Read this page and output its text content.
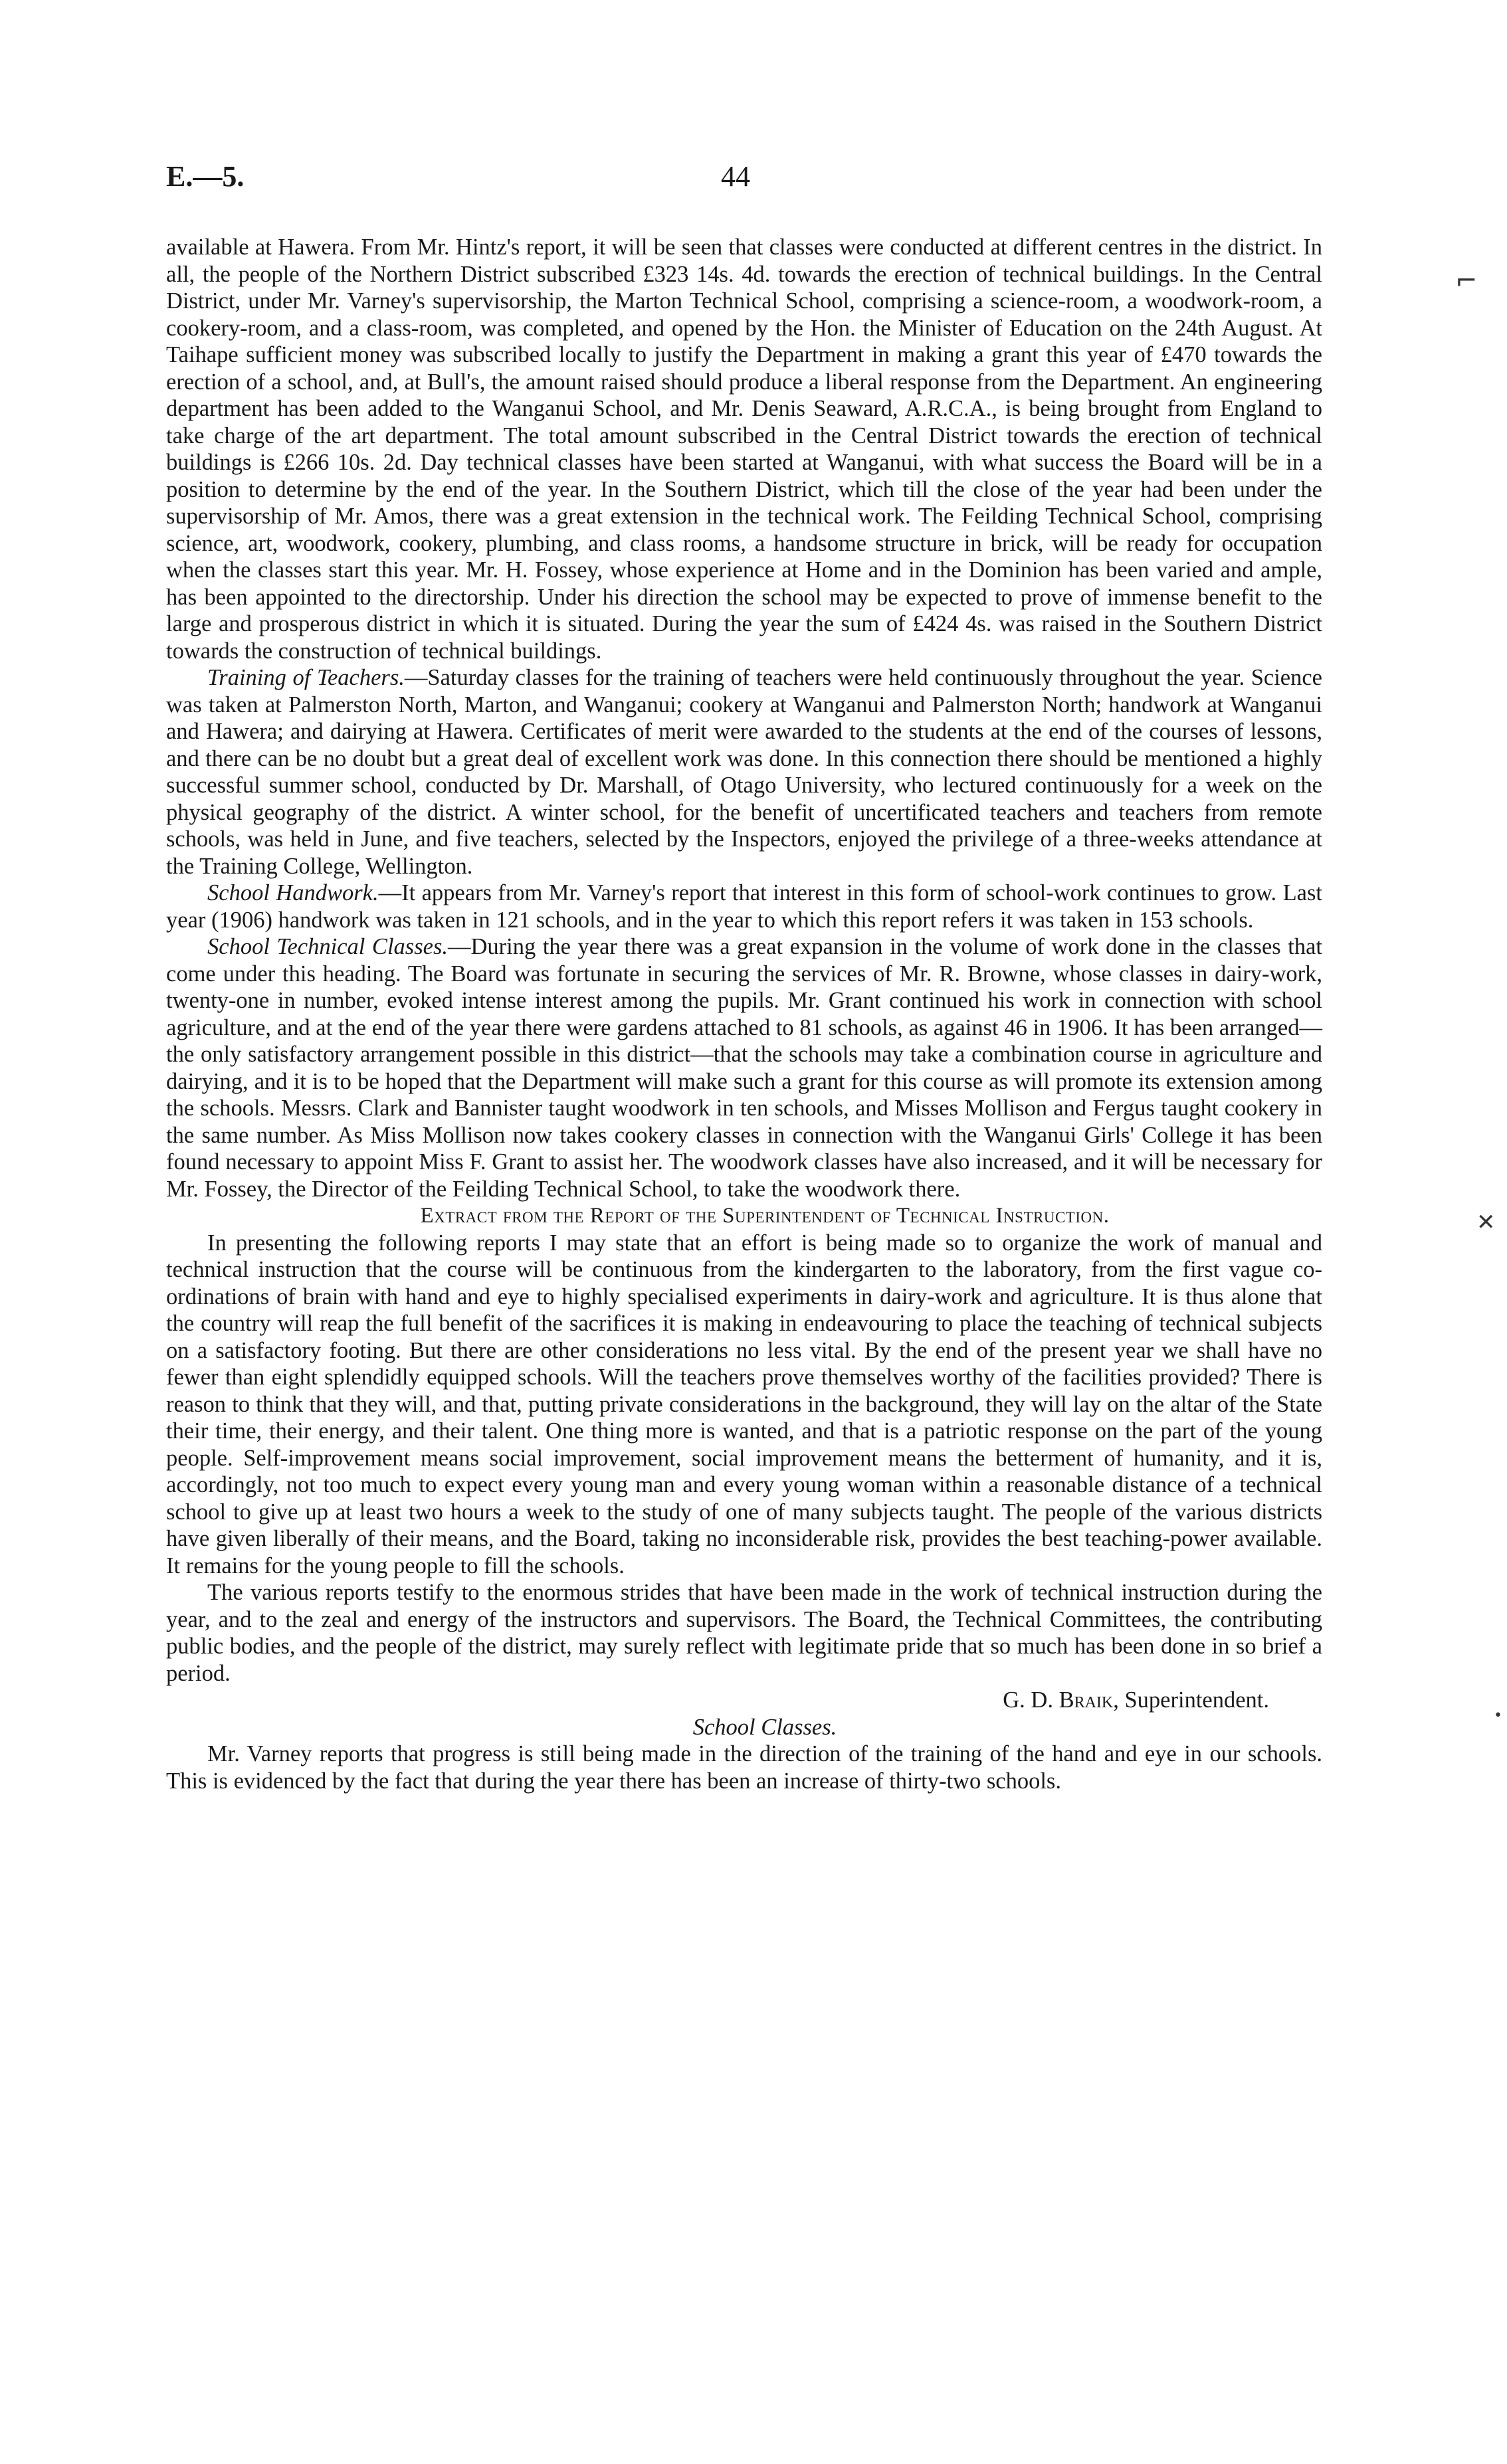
E.—5.	44

available at Hawera. From Mr. Hintz's report, it will be seen that classes were conducted at different centres in the district. In all, the people of the Northern District subscribed £323 14s. 4d. towards the erection of technical buildings. In the Central District, under Mr. Varney's supervisorship, the Marton Technical School, comprising a science-room, a woodwork-room, a cookery-room, and a class-room, was completed, and opened by the Hon. the Minister of Education on the 24th August. At Taihape sufficient money was subscribed locally to justify the Department in making a grant this year of £470 towards the erection of a school, and, at Bull's, the amount raised should produce a liberal response from the Department. An engineering department has been added to the Wanganui School, and Mr. Denis Seaward, A.R.C.A., is being brought from England to take charge of the art department. The total amount subscribed in the Central District towards the erection of technical buildings is £266 10s. 2d. Day technical classes have been started at Wanganui, with what success the Board will be in a position to determine by the end of the year. In the Southern District, which till the close of the year had been under the supervisorship of Mr. Amos, there was a great extension in the technical work. The Feilding Technical School, comprising science, art, woodwork, cookery, plumbing, and class rooms, a handsome structure in brick, will be ready for occupation when the classes start this year. Mr. H. Fossey, whose experience at Home and in the Dominion has been varied and ample, has been appointed to the directorship. Under his direction the school may be expected to prove of immense benefit to the large and prosperous district in which it is situated. During the year the sum of £424 4s. was raised in the Southern District towards the construction of technical buildings.

Training of Teachers.—Saturday classes for the training of teachers were held continuously throughout the year. Science was taken at Palmerston North, Marton, and Wanganui; cookery at Wanganui and Palmerston North; handwork at Wanganui and Hawera; and dairying at Hawera. Certificates of merit were awarded to the students at the end of the courses of lessons, and there can be no doubt but a great deal of excellent work was done. In this connection there should be mentioned a highly successful summer school, conducted by Dr. Marshall, of Otago University, who lectured continuously for a week on the physical geography of the district. A winter school, for the benefit of uncertificated teachers and teachers from remote schools, was held in June, and five teachers, selected by the Inspectors, enjoyed the privilege of a three-weeks attendance at the Training College, Wellington.

School Handwork.—It appears from Mr. Varney's report that interest in this form of school-work continues to grow. Last year (1906) handwork was taken in 121 schools, and in the year to which this report refers it was taken in 153 schools.

School Technical Classes.—During the year there was a great expansion in the volume of work done in the classes that come under this heading. The Board was fortunate in securing the services of Mr. R. Browne, whose classes in dairy-work, twenty-one in number, evoked intense interest among the pupils. Mr. Grant continued his work in connection with school agriculture, and at the end of the year there were gardens attached to 81 schools, as against 46 in 1906. It has been arranged—the only satisfactory arrangement possible in this district—that the schools may take a combination course in agriculture and dairying, and it is to be hoped that the Department will make such a grant for this course as will promote its extension among the schools. Messrs. Clark and Bannister taught woodwork in ten schools, and Misses Mollison and Fergus taught cookery in the same number. As Miss Mollison now takes cookery classes in connection with the Wanganui Girls' College it has been found necessary to appoint Miss F. Grant to assist her. The woodwork classes have also increased, and it will be necessary for Mr. Fossey, the Director of the Feilding Technical School, to take the woodwork there.

Extract from the Report of the Superintendent of Technical Instruction.

In presenting the following reports I may state that an effort is being made so to organize the work of manual and technical instruction that the course will be continuous from the kindergarten to the laboratory, from the first vague co-ordinations of brain with hand and eye to highly specialised experiments in dairy-work and agriculture. It is thus alone that the country will reap the full benefit of the sacrifices it is making in endeavouring to place the teaching of technical subjects on a satisfactory footing. But there are other considerations no less vital. By the end of the present year we shall have no fewer than eight splendidly equipped schools. Will the teachers prove themselves worthy of the facilities provided? There is reason to think that they will, and that, putting private considerations in the background, they will lay on the altar of the State their time, their energy, and their talent. One thing more is wanted, and that is a patriotic response on the part of the young people. Self-improvement means social improvement, social improvement means the betterment of humanity, and it is, accordingly, not too much to expect every young man and every young woman within a reasonable distance of a technical school to give up at least two hours a week to the study of one of many subjects taught. The people of the various districts have given liberally of their means, and the Board, taking no inconsiderable risk, provides the best teaching-power available. It remains for the young people to fill the schools.

The various reports testify to the enormous strides that have been made in the work of technical instruction during the year, and to the zeal and energy of the instructors and supervisors. The Board, the Technical Committees, the contributing public bodies, and the people of the district, may surely reflect with legitimate pride that so much has been done in so brief a period.

G. D. Braik, Superintendent.

School Classes.

Mr. Varney reports that progress is still being made in the direction of the training of the hand and eye in our schools. This is evidenced by the fact that during the year there has been an increase of thirty-two schools.

⌐
✕
•
